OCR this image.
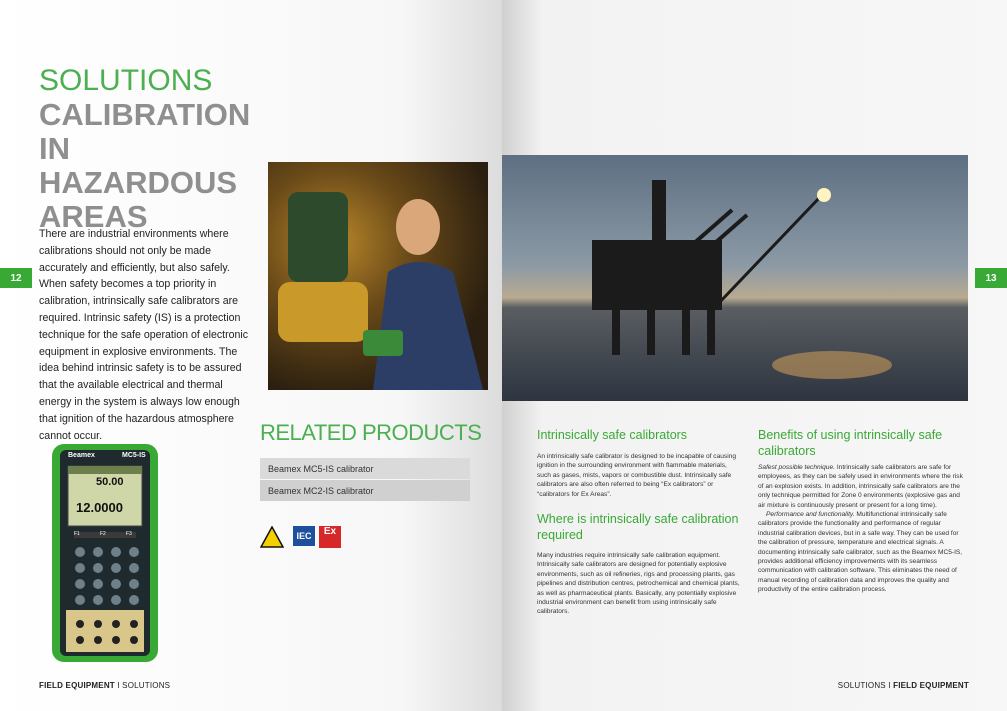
SOLUTIONS
CALIBRATION
IN HAZARDOUS
AREAS
There are industrial environments where calibrations should not only be made accurately and efficiently, but also safely. When safety becomes a top priority in calibration, intrinsically safe calibrators are required. Intrinsic safety (IS) is a protection technique for the safe operation of electronic equipment in explosive environments. The idea behind intrinsic safety is to be assured that the available electrical and thermal energy in the system is always low enough that ignition of the hazardous atmosphere cannot occur.
Beamex	MC5-IS
50.00
12.0000
F1	F2	F3
12
RELATED PRODUCTS
Beamex MC5-IS calibrator
Beamex MC2-IS calibrator
IEC Ex
FIELD EQUIPMENT I SOLUTIONS
13
Intrinsically safe calibrators

An intrinsically safe calibrator is designed to be incapable of causing ignition in the surrounding environment with flammable materials, such as gases, mists, vapors or combustible dust. Intrinsically safe calibrators are also often referred to being “Ex calibrators” or “calibrators for Ex Areas”.

Where is intrinsically safe calibration required

Many industries require intrinsically safe calibration equipment. Intrinsically safe calibrators are designed for potentially explosive environments, such as oil refineries, rigs and processing plants, gas pipelines and distribution centres, petrochemical and chemical plants, as well as pharmaceutical plants. Basically, any potentially explosive industrial environment can benefit from using intrinsically safe calibrators.

Benefits of using intrinsically safe calibrators

Safest possible technique. Intrinsically safe calibrators are safe for employees, as they can be safely used in environments where the risk of an explosion exists. In addition, intrinsically safe calibrators are the only technique permitted for Zone 0 environments (explosive gas and air mixture is continuously present or present for a long time).

Performance and functionality. Multifunctional intrinsically safe calibrators provide the functionality and performance of regular industrial calibration devices, but in a safe way. They can be used for the calibration of pressure, temperature and electrical signals. A documenting intrinsically safe calibrator, such as the Beamex MC5-IS, provides additional efficiency improvements with its seamless communication with calibration software. This eliminates the need of manual recording of calibration data and improves the quality and productivity of the entire calibration process.

SOLUTIONS I FIELD EQUIPMENT
